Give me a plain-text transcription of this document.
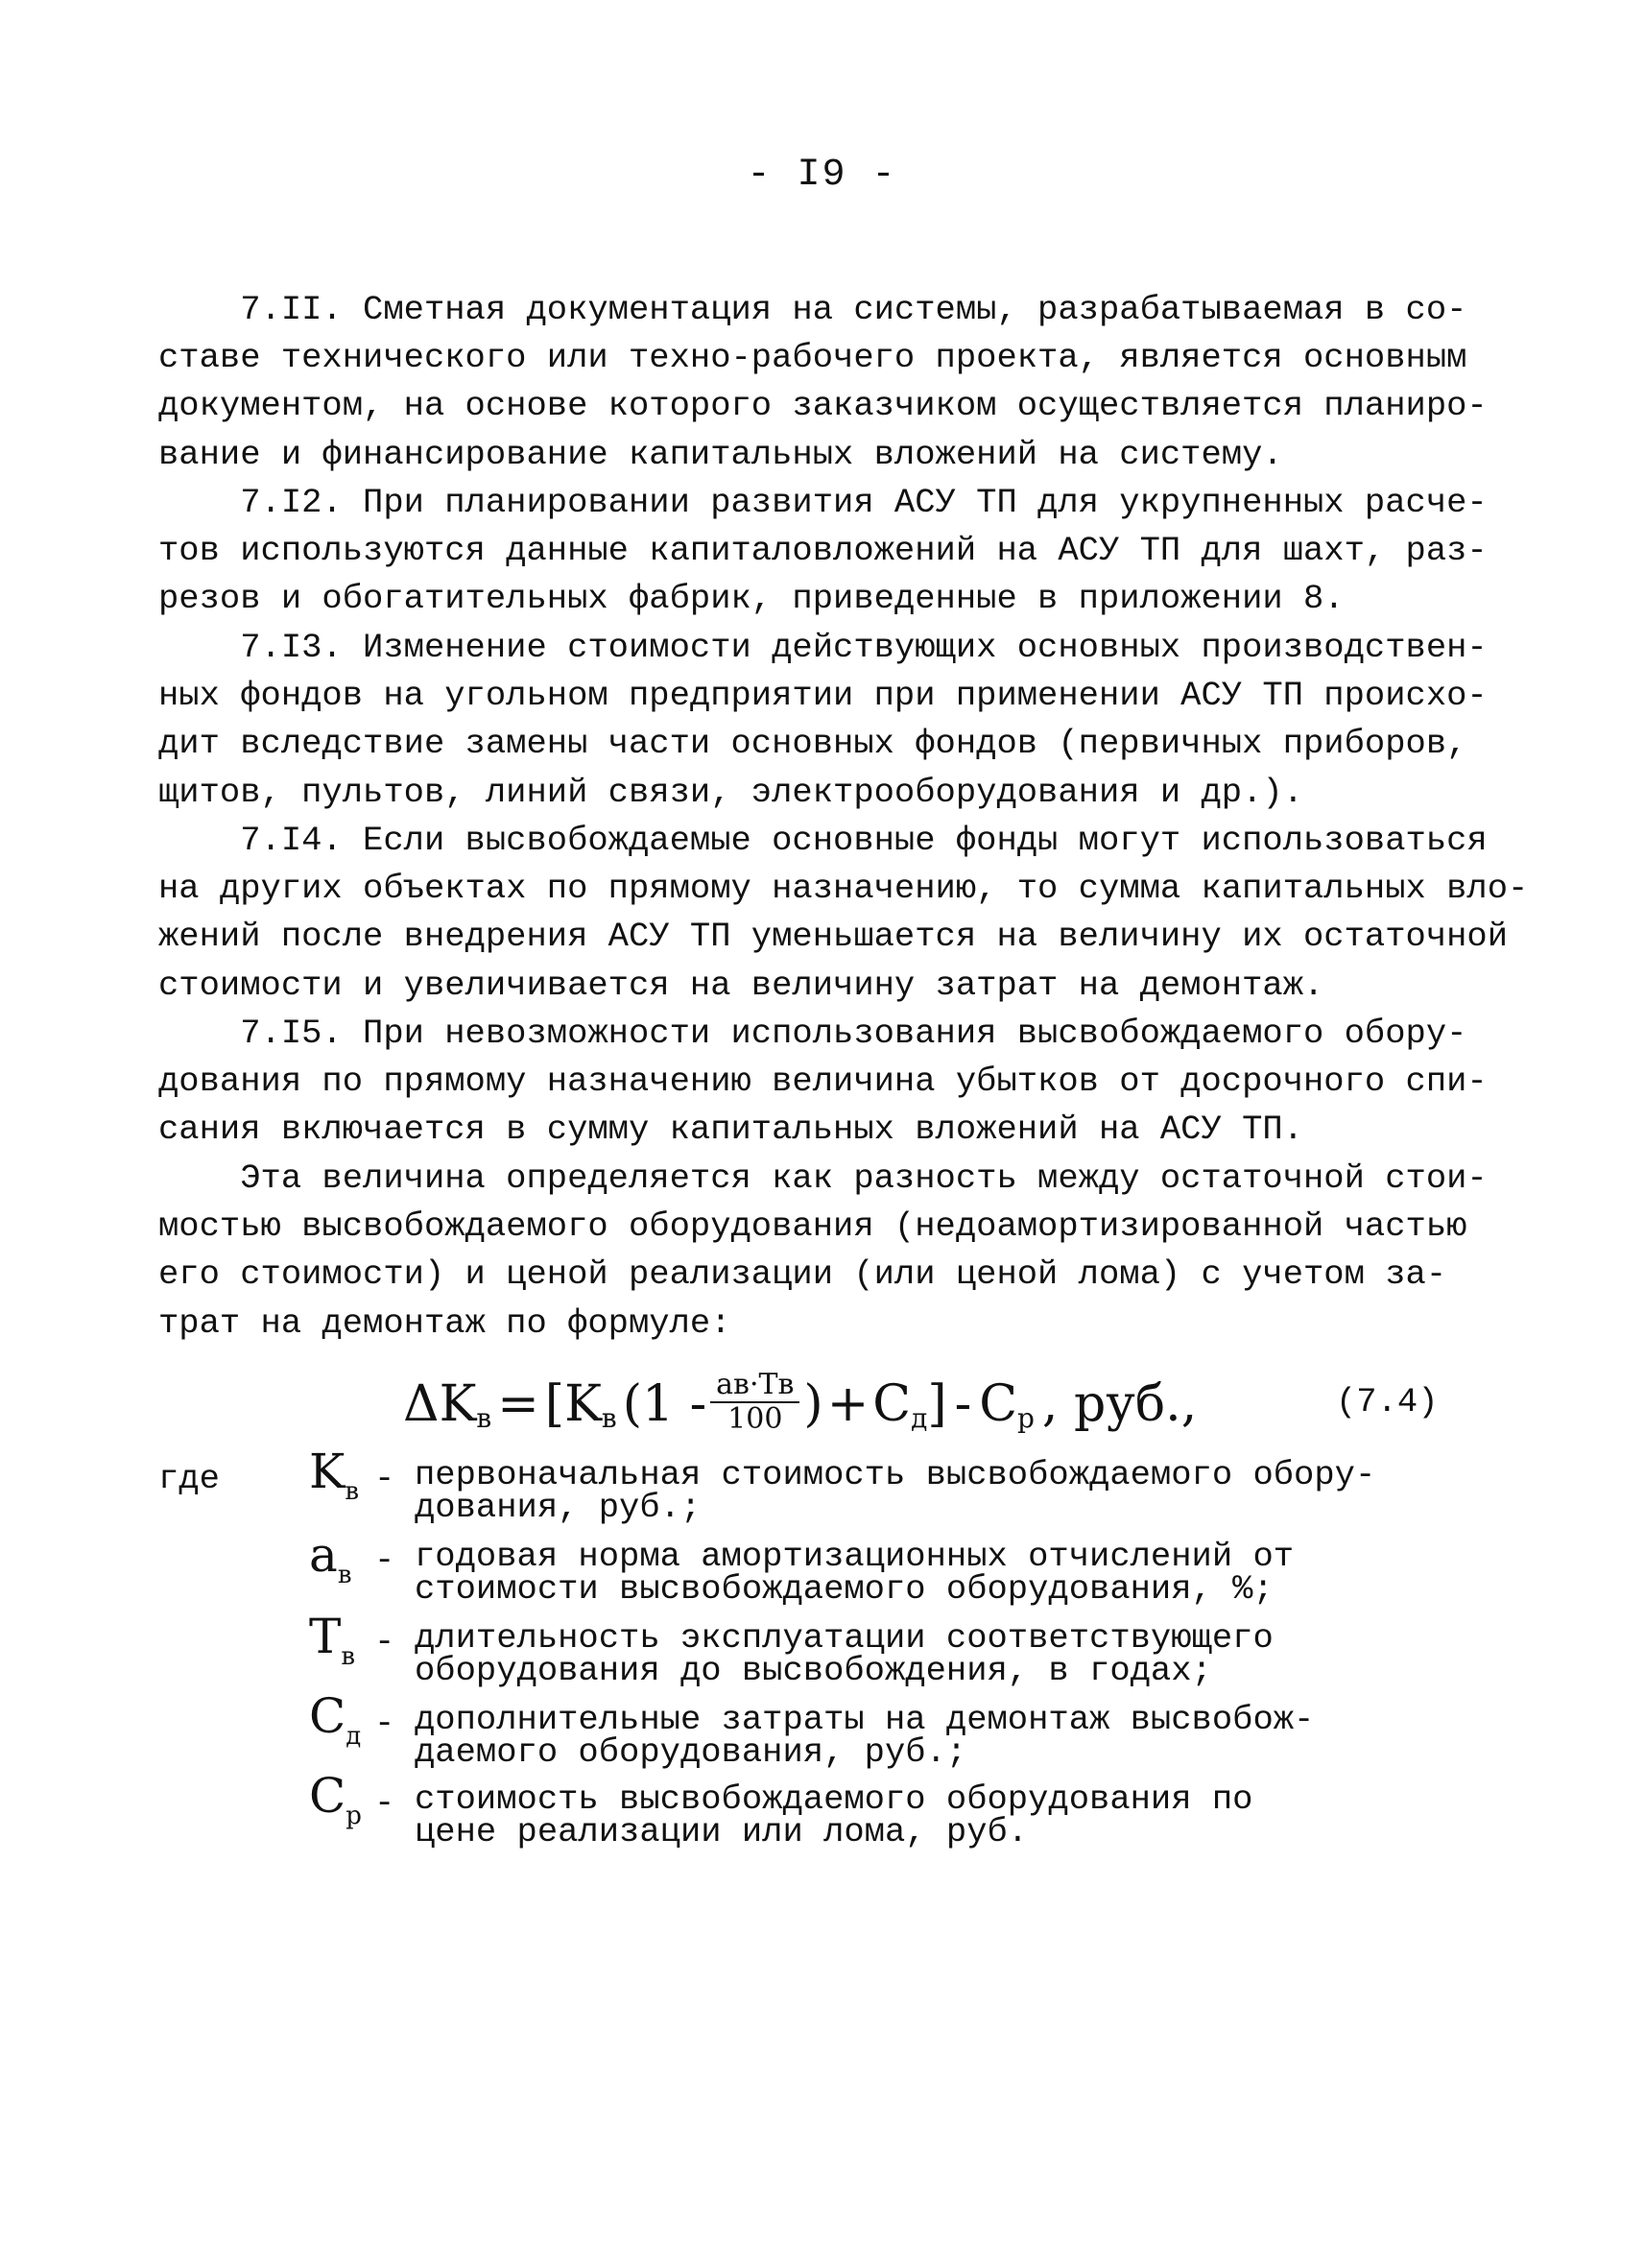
- I9 -

7.II. Сметная документация на системы, разрабатываемая в со-
ставе технического или техно-рабочего проекта, является основным
документом, на основе которого заказчиком осуществляется планиро-
вание и финансирование капитальных вложений на систему.

7.I2. При планировании развития АСУ ТП для укрупненных расче-
тов используются данные капиталовложений на АСУ ТП для шахт, раз-
резов и обогатительных фабрик, приведенные в приложении 8.

7.I3. Изменение стоимости действующих основных производствен-
ных фондов на угольном предприятии при применении АСУ ТП происхо-
дит вследствие замены части основных фондов (первичных приборов,
щитов, пультов, линий связи, электрооборудования и др.).

7.I4. Если высвобождаемые основные фонды могут использоваться
на других объектах по прямому назначению, то сумма капитальных вло-
жений после внедрения АСУ ТП уменьшается на величину их остаточной
стоимости и увеличивается на величину затрат на демонтаж.

7.I5. При невозможности использования высвобождаемого обору-
дования по прямому назначению величина убытков от досрочного спи-
сания включается в сумму капитальных вложений на АСУ ТП.

Эта величина определяется как разность между остаточной стои-
мостью высвобождаемого оборудования (недоамортизированной частью
его стоимости) и ценой реализации (или ценой лома) с учетом за-
трат на демонтаж по формуле:

Δ K в = [ K в ($1 - \frac{aв\cdot Tв}{100}$ ) + C д ] - C р , руб.,	(7.4)
где $K_в$ - первоначальная стоимость высвобождаемого обору-
дования, руб.;

$a_в$ - годовая норма амортизационных отчислений от
стоимости высвобождаемого оборудования, %;

$T_в$ - длительность эксплуатации соответствующего
оборудования до высвобождения, в годах;

$C_д$ - дополнительные затраты на демонтаж высвобож-
даемого оборудования, руб.;

$C_р$ - стоимость высвобождаемого оборудования по
цене реализации или лома, руб.
